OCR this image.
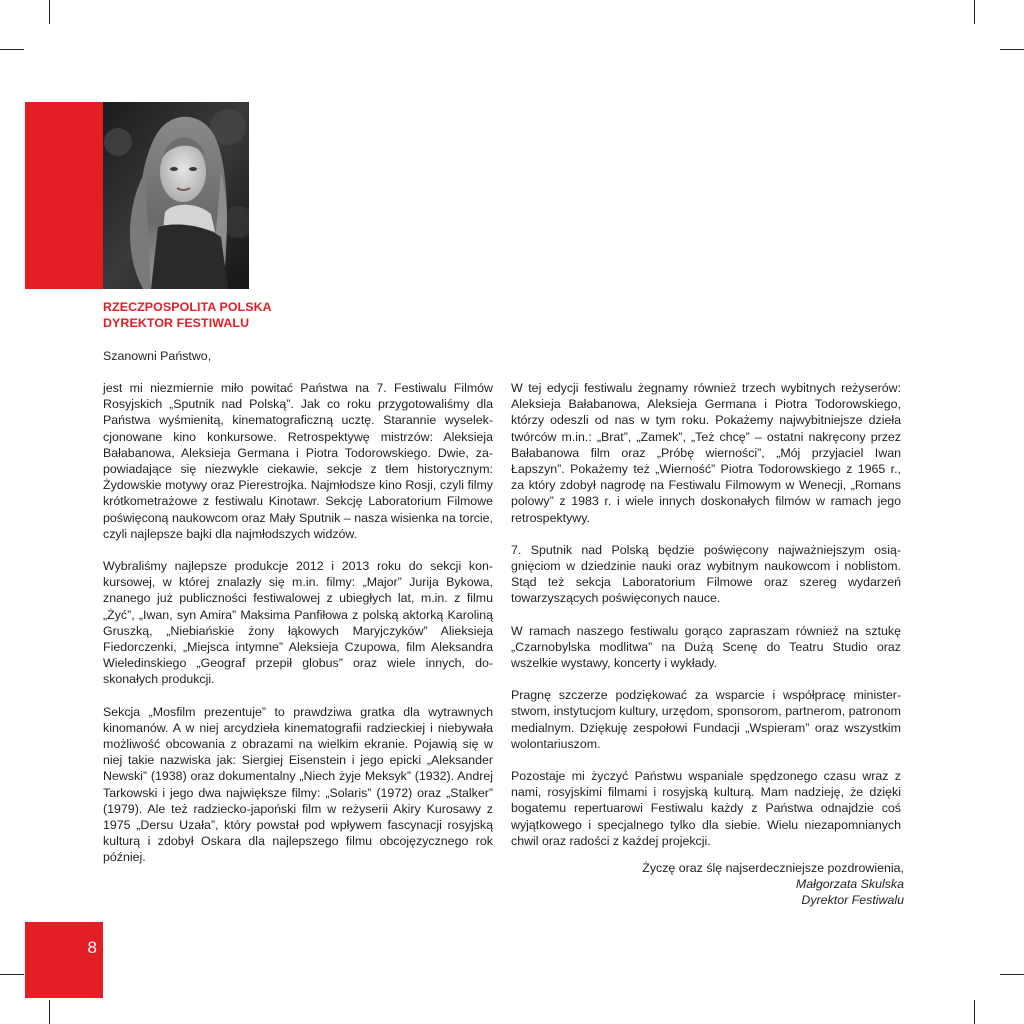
RZECZPOSPOLITA POLSKA
DYREKTOR FESTIWALU
Szanowni Państwo,

jest mi niezmiernie miło powitać Państwa na 7. Festiwalu Filmów Rosyjskich „Sputnik nad Polską”. Jak co roku przygotowaliśmy dla Państwa wyśmienitą, kinematograficzną ucztę. Starannie wyselekcjonowane kino konkursowe. Retrospektywę mistrzów: Aleksieja Bałabanowa, Aleksieja Germana i Piotra Todorowskiego. Dwie, zapowiadające się niezwykle ciekawie, sekcje z tłem historycznym: Żydowskie motywy oraz Pierestrojka. Najmłodsze kino Rosji, czyli filmy krótkometrażowe z festiwalu Kinotawr. Sekcję Laboratorium Filmowe poświęconą naukowcom oraz Mały Sputnik – nasza wisienka na torcie, czyli najlepsze bajki dla najmłodszych widzów.

Wybraliśmy najlepsze produkcje 2012 i 2013 roku do sekcji konkursowej, w której znalazły się m.in. filmy: „Major” Jurija Bykowa, znanego już publiczności festiwalowej z ubiegłych lat, m.in. z filmu „Żyć”, „Iwan, syn Amira” Maksima Panfiłowa z polską aktorką Karoliną Gruszką, „Niebiańskie żony łąkowych Maryjczyków” Alieksieja Fiedorczenki, „Miejsca intymne” Aleksieja Czupowa, film Aleksandra Wieledinskiego „Geograf przepił globus” oraz wiele innych, doskonałych produkcji.

Sekcja „Mosfilm prezentuje” to prawdziwa gratka dla wytrawnych kinomanów. A w niej arcydzieła kinematografii radzieckiej i niebywała możliwość obcowania z obrazami na wielkim ekranie. Pojawią się w niej takie nazwiska jak: Siergiej Eisenstein i jego epicki „Aleksander Newski” (1938) oraz dokumentalny „Niech żyje Meksyk” (1932). Andrej Tarkowski i jego dwa największe filmy: „Solaris” (1972) oraz „Stalker” (1979). Ale też radziecko-japoński film w reżyserii Akiry Kurosawy z 1975 „Dersu Uzała”, który powstał pod wpływem fascynacji rosyjską kulturą i zdobył Oskara dla najlepszego filmu obcojęzycznego rok później.

W tej edycji festiwalu żegnamy również trzech wybitnych reżyserów: Aleksieja Bałabanowa, Aleksieja Germana i Piotra Todorowskiego, którzy odeszli od nas w tym roku. Pokażemy najwybitniejsze dzieła twórców m.in.: „Brat”, „Zamek”, „Też chcę” – ostatni nakręcony przez Bałabanowa film oraz „Próbę wierności”, „Mój przyjaciel Iwan Łapszyn”. Pokażemy też „Wierność” Piotra Todorowskiego z 1965 r., za który zdobył nagrodę na Festiwalu Filmowym w Wenecji, „Romans polowy” z 1983 r. i wiele innych doskonałych filmów w ramach jego retrospektywy.

7. Sputnik nad Polską będzie poświęcony najważniejszym osiągnięciom w dziedzinie nauki oraz wybitnym naukowcom i noblistom. Stąd też sekcja Laboratorium Filmowe oraz szereg wydarzeń towarzyszących poświęconych nauce.

W ramach naszego festiwalu gorąco zapraszam również na sztukę „Czarnobylska modlitwa” na Dużą Scenę do Teatru Studio oraz wszelkie wystawy, koncerty i wykłady.

Pragnę szczerze podziękować za wsparcie i współpracę ministerstwom, instytucjom kultury, urzędom, sponsorom, partnerom, patronom medialnym. Dziękuję zespołowi Fundacji „Wspieram” oraz wszystkim wolontariuszom.

Pozostaje mi życzyć Państwu wspaniale spędzonego czasu wraz z nami, rosyjskimi filmami i rosyjską kulturą. Mam nadzieję, że dzięki bogatemu repertuarowi Festiwalu każdy z Państwa odnajdzie coś wyjątkowego i specjalnego tylko dla siebie. Wielu niezapomnianych chwil oraz radości z każdej projekcji.

Życzę oraz ślę najserdeczniejsze pozdrowienia,
Małgorzata Skulska
Dyrektor Festiwalu
8
